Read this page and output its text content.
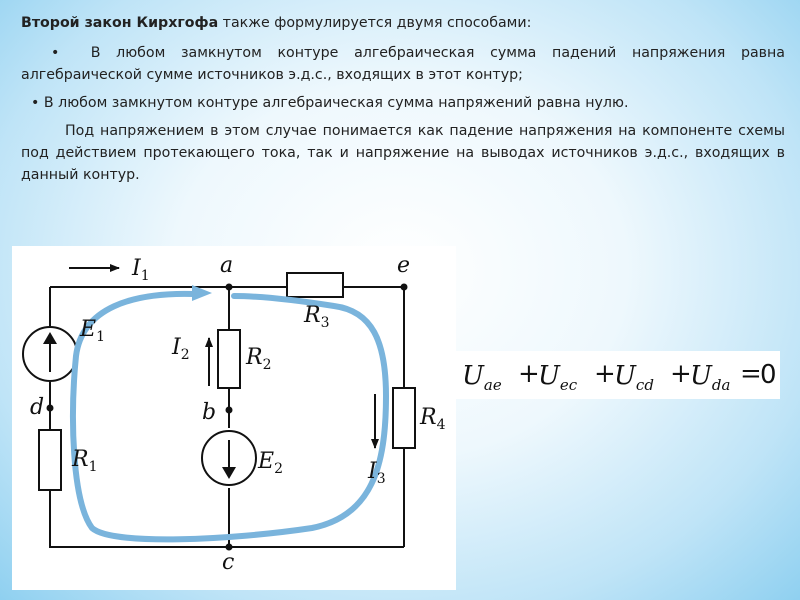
Второй закон Кирхгофа также формулируется двумя способами:

• В любом замкнутом контуре алгебраическая сумма падений напряжения равна алгебраической сумме источников э.д.с., входящих в этот контур;

• В любом замкнутом контуре алгебраическая сумма напряжений равна нулю.

Под напряжением в этом случае понимается как падение напряжения на компоненте схемы под действием протекающего тока, так и напряжение на выводах источников э.д.с., входящих в данный контур.

a	e
b
d
c
$I_1$
$I_2$
$I_3$
$R_2$
$R_3$
$R_1$
$R_4$
$E_1$
$E_2$
$U_{ae}$ +
$U_{ec}$ +
$U_{cd}$ +
$U_{da}$ =
0
